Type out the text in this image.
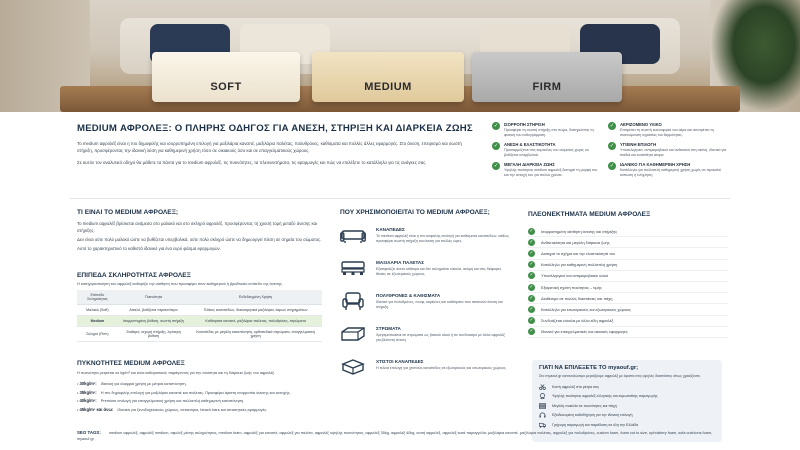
SOFT	MEDIUM	FIRM
MEDIUM ΑΦΡΟΛΕΞ: Ο ΠΛΗΡΗΣ ΟΔΗΓΟΣ ΓΙΑ ΑΝΕΣΗ, ΣΤΗΡΙΞΗ ΚΑΙ ΔΙΑΡΚΕΙΑ ΖΩΗΣ

Το medium αφρολέξ είναι η πιο δημοφιλής και ισορροπημένη επιλογή για μαξιλάρια καναπέ, μαξιλάρια παλέτας, πολυθρόνες, καθίσματα και πολλές άλλες εφαρμογές. Στο άνεση, επειρισμό και σωστή στήριξη, προσφέροντας την ιδανική λύση για καθημερινή χρήση τόσο σε οικιακούς όσο και σε επαγγελματικούς χώρους.

Σε αυτόν τον αναλυτικό οδηγό θα μάθετε τα πάντα για το medium αφρολέξ, τις πυκνότητες, τα πλεονεκτήματα, τις εφαρμογές και πώς να επιλέξετε το κατάλληλο για τις ανάγκες σας.

✓	ΙΣΟΡΡΟΠΗ ΣΤΗΡΙΞΗ
Προσφέρει τη σωστή στήριξη στο σώμα, διατηρώντας τη φυσική του ευθυγράμμιση.
✓	ΑΕΡΙΖΟΜΕΝΟ ΥΛΙΚΟ
Επιτρέπει τη σωστή κυκλοφορία του αέρα και αποτρέπει τη συσσώρευση υγρασίας και θερμότητας.
✓	ΑΝΕΣΗ & ΕΛΑΣΤΙΚΟΤΗΤΑ
Προσαρμόζεται στις καμπύλες του σώματος χωρίς να βυθίζεται υπερβολικά.
✓	ΥΓΙΕΙΝΗ ΕΠΙΛΟΓΗ
Υποαλλεργικό, αντιμικροβιακό και ανθεκτικό στη σκόνη, ιδανικό για παιδιά και ευαίσθητα άτομα.
✓	ΜΕΓΑΛΗ ΔΙΑΡΚΕΙΑ ΖΩΗΣ
Υψηλής ποιότητας medium αφρολέξ διατηρεί τη μορφή του και την αντοχή του για πολλά χρόνια.
✓	ΙΔΑΝΙΚΟ ΓΙΑ ΚΑΘΗΜΕΡΙΝΗ ΧΡΗΣΗ
Κατάλληλο για πολλαπλή καθημερινή χρήση χωρίς να προκαλεί κόπωση ή ενόχληση.
ΤΙ ΕΙΝΑΙ ΤΟ MEDIUM ΑΦΡΟΛΕΞ;

Το medium αφρολέξ βρίσκεται ανάμεσα στο μαλακό και στο σκληρό αφρολέξ, προσφέροντας τη χρυσή τομή μεταξύ άνεσης και στήριξης.

Δεν είναι ούτε πολύ μαλακό ώστε να βυθίζεται υπερβολικά, ούτε πολύ σκληρό ώστε να δημιουργεί πίεση σε σημεία του σώματος.

Αυτό το χαρακτηριστικό το καθιστά ιδανικό για ένα ευρύ φάσμα εφαρμογών.

ΕΠΙΠΕΔΑ ΣΚΛΗΡΟΤΗΤΑΣ ΑΦΡΟΛΕΞ
Η κατηγοριοποίηση του αφρολέξ καθορίζει την αίσθηση που προσφέρει στον καθημερινό ή βραδινιαίο επίπεδο της άνεσης.
Επίπεδο Σκληρότητας	Πυκνότητα	Ενδεδειγμένη Χρήση
Μαλακό (Soft)	Απαλό, βυθίζεται περισσότερο	Πλάτες καναπέδων, διακοσμητικά μαξιλάρια, άκρων στηριγμάτων
Medium	Ισορροπημένη βύθιση, σωστή στήριξη	Καθίσματα καναπέ, μαξιλάρια παλέτας, πολυθρόνες, στρώματα
Σκληρό (Firm)	Σταθερό, ισχυρή στήριξη, λιγότερη βύθιση	Καναπέδες με μεγάλη καταπόνηση, ορθοπεδικά στρώματα, επαγγελματική χρήση
ΠΥΚΝΟΤΗΤΕΣ MEDIUM ΑΦΡΟΛΕΞ
Η πυκνότητα μετριέται σε kg/m³ και είναι καθοριστικός παράγοντας για την ποιότητα και τη διάρκεια ζωής του αφρολέξ.
• 30kg/m³: Ιδανική για ελαφριά χρήση με μέτρια καταπόνηση.
• 35kg/m³: Η πιο δημοφιλής επιλογή για μαξιλάρια καναπέ και παλέτας. Προσφέρει άριστη ισορροπία άνεσης και αντοχής.
• 40kg/m³: Premium επιλογή για επαγγελματική χρήση και πολλαπλή καθημερινή καταπόνηση.
• 45kg/m³ και άνω: Ιδανικά για ξενοδοχειακούς χώρους, εστιατόρια, beach bars και απαιτητικές εφαρμογές.
ΠΟΥ ΧΡΗΣΙΜΟΠΟΙΕΙΤΑΙ ΤΟ MEDIUM ΑΦΡΟΛΕΞ;
ΚΑΝΑΠΕΔΕΣ
Το medium αφρολέξ είναι η πιο ασφαλής επιλογή για καθίσματα καναπέδων, καθώς προσφέρει σωστή στήριξη και άνεση για πολλές ώρες.
ΜΑΞΙΛΑΡΙΑ ΠΑΛΕΤΑΣ
Εξασφαλίζει άνετο κάθισμα και δεν σκληραίνει εύκολα, ακόμη και στις διάφορες θέσεις σε έξωτερικούς χώρους.
ΠΟΛΥΘΡΟΝΕΣ & ΚΑΘΙΣΜΑΤΑ
Ιδανικό για πολυθρόνες, πουφ, καρέκλες και καθίσματα που απαιτούν άνεση και στήριξη.
ΣΤΡΩΜΑΤΑ
Χρησιμοποιείται σε στρώματα ως βασικό υλικό ή σε συνδυασμό με άλλα αφρολέξ για βέλτιστη άνεση.
ΧΤΙΣΤΟΙ ΚΑΝΑΠΕΔΕΣ
Η τέλεια επιλογή για χτιστούς καναπέδες σε εξωτερικούς και εσωτερικούς χώρους.
ΠΛΕΟΝΕΚΤΗΜΑΤΑ MEDIUM ΑΦΡΟΛΕΞ
✓	Ισορροπημένη αίσθηση άνεσης και στήριξης
✓	Ανθεκτικότητα και μεγάλη διάρκεια ζωής
✓	Διατηρεί το σχήμα και την ελαστικότητά του
✓	Κατάλληλο για καθημερινή πολλαπλή χρήση
✓	Υποαλλεργικό και αντιμικροβιακό υλικό
✓	Εξαιρετική σχέση ποιότητας – τιμής
✓	Διαθέσιμο σε πολλές διαστάσεις και πάχη
✓	Κατάλληλο για εσωτερικούς και εξωτερικούς χώρους
✓	Συνδυάζεται εύκολα με άλλα είδη αφρολέξ
✓	Ιδανικό για επαγγελματικές και οικιακές εφαρμογές
ΓΙΑΤΙ ΝΑ ΕΠΙΛΕΞΕΤΕ ΤΟ myaouf.gr;
Στο myaouf.gr καταναλώσιμο μεριάζουμε αφρολέξ με άριστα στις υψηλές διαστάσεις όπως χρειάζεστε.
Κοπή αφρολέξ στα μέτρα σας
Υψηλής ποιότητας αφρολέξ ελληνικής και ευρωπαϊκής παραγωγής
Μεγάλη ποικιλία σε πυκνότητες και πάχη
Εξειδικευμένη καθοδήγηση για την ιδανική επιλογή
Γρήγορη παραγωγή και παράδοση σε όλη την Ελλάδα
SEO TAGS: medium αφρολέξ, αφρολέξ medium, σφολέξ μέσης σκληρότητας, medium foam, αφρολέξ για καναπέ, αφρολέξ για παλέτα, αφρολέξ υψηλής πυκνότητας, αφρολέξ 35kg, αφρολέξ 40kg, κοπή αφρολέξ, αφρολέξ κατά παραγγελία, μαξιλάρια καναπέ, μαξιλάρια παλέτας, αφρολέξ για πολυθρόνες, custom foam, foam cut to size, upholstery foam, sofa cushions foam, myaouf.gr
